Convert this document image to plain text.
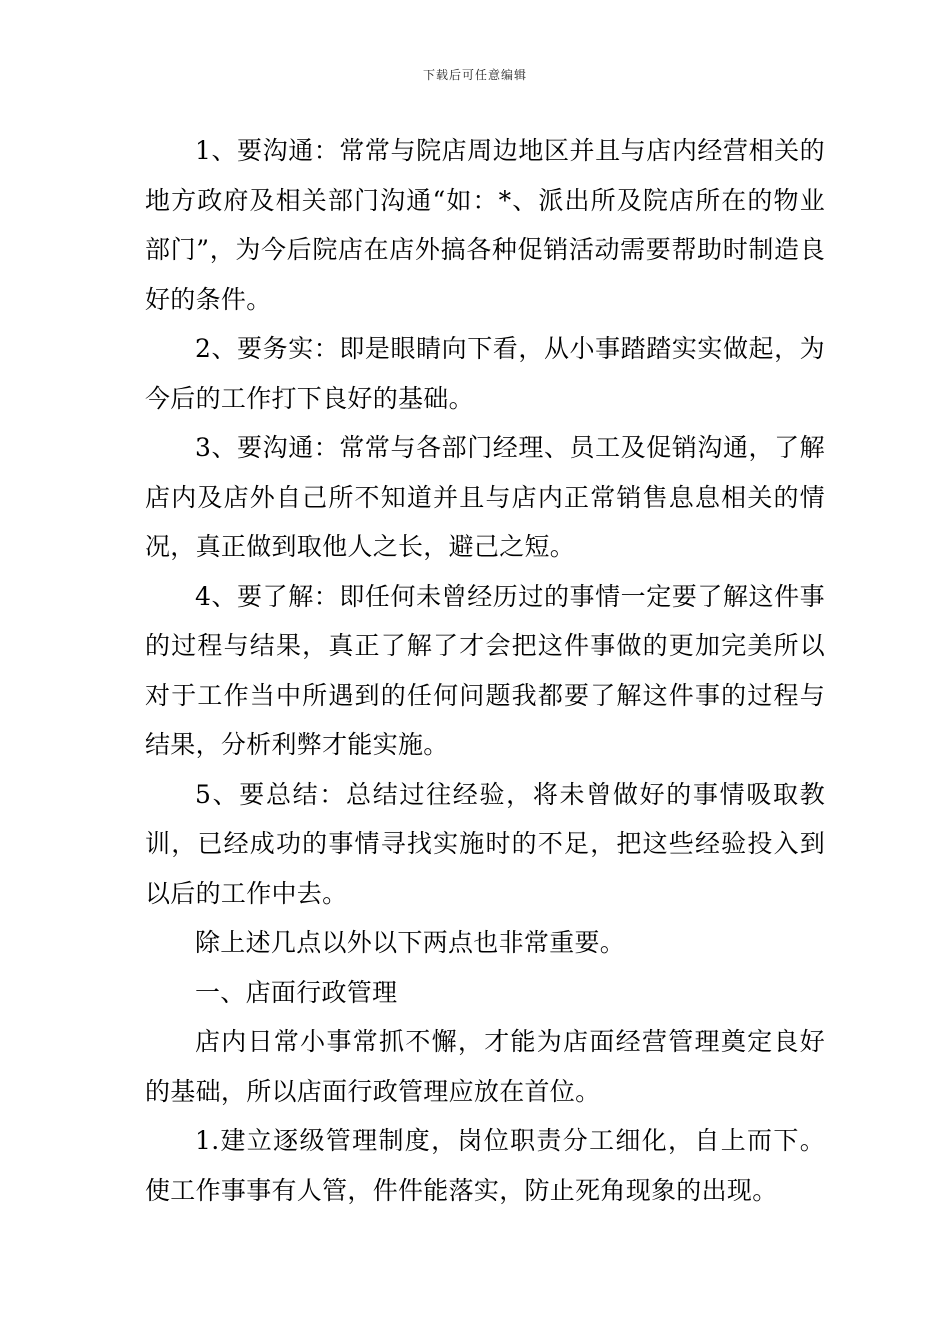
下载后可任意编辑

1、要沟通：常常与院店周边地区并且与店内经营相关的地方政府及相关部门沟通“如：*、派出所及院店所在的物业部门”，为今后院店在店外搞各种促销活动需要帮助时制造良好的条件。

2、要务实：即是眼睛向下看，从小事踏踏实实做起，为今后的工作打下良好的基础。

3、要沟通：常常与各部门经理、员工及促销沟通，了解店内及店外自己所不知道并且与店内正常销售息息相关的情况，真正做到取他人之长，避己之短。

4、要了解：即任何未曾经历过的事情一定要了解这件事的过程与结果，真正了解了才会把这件事做的更加完美所以对于工作当中所遇到的任何问题我都要了解这件事的过程与结果，分析利弊才能实施。

5、要总结：总结过往经验，将未曾做好的事情吸取教训，已经成功的事情寻找实施时的不足，把这些经验投入到以后的工作中去。

除上述几点以外以下两点也非常重要。

一、店面行政管理

店内日常小事常抓不懈，才能为店面经营管理奠定良好的基础，所以店面行政管理应放在首位。

1.建立逐级管理制度，岗位职责分工细化，自上而下。使工作事事有人管，件件能落实，防止死角现象的出现。
